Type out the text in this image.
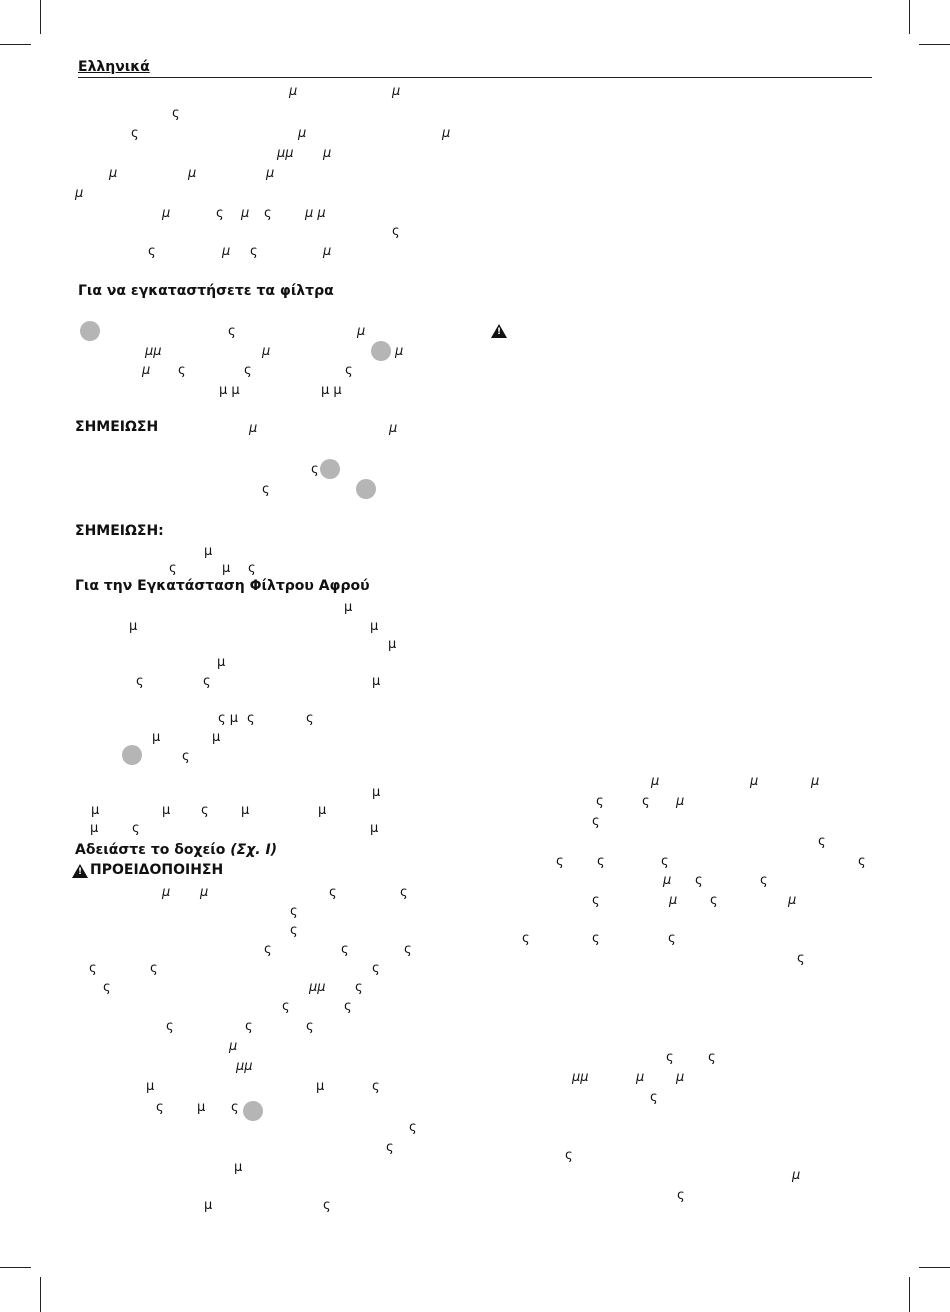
Ελληνικά
Για να εγκαταστήσετε τα φίλτρα
ΣΗΜΕΙΩΣΗ
ΣΗΜΕΙΩΣΗ:
Για την Εγκατάσταση Φίλτρου Αφρού
Αδειάστε το δοχείο (Σχ. I)
!
ΠΡΟΕΙΔΟΠΟΙΗΣΗ
!
μ	μ
ς
ς	μ	μ
μμ μ
μ	μ	μ
μ
μ	ς μ ς	μ μ
ς
ς	μ ς	μ
ς	μ
μμ	μ	μ
μ ς	ς	ς
μ μ	μ μ
μ	μ
ς
ς
μ
ς	μ ς
μ
μ	μ
μ
μ
ς	ς	μ
ς μ ς	ς
μ	μ
ς
μ
μ	μ ς μ	μ
μ	ς	μ
μ μ	ς	ς
ς
ς
ς	ς	ς
ς	ς	ς
ς	μμ ς
ς	ς
ς	ς	ς
μ
μμ
μ	μ	ς
ς	μ ς
ς
ς
μ
μ	ς
μ	μ	μ
ς	ς μ
ς
ς
ς	ς	ς	ς
μ ς	ς
ς	μ	ς	μ
ς	ς	ς
ς
ς	ς
μμ	μ μ
ς
ς
μ
ς
